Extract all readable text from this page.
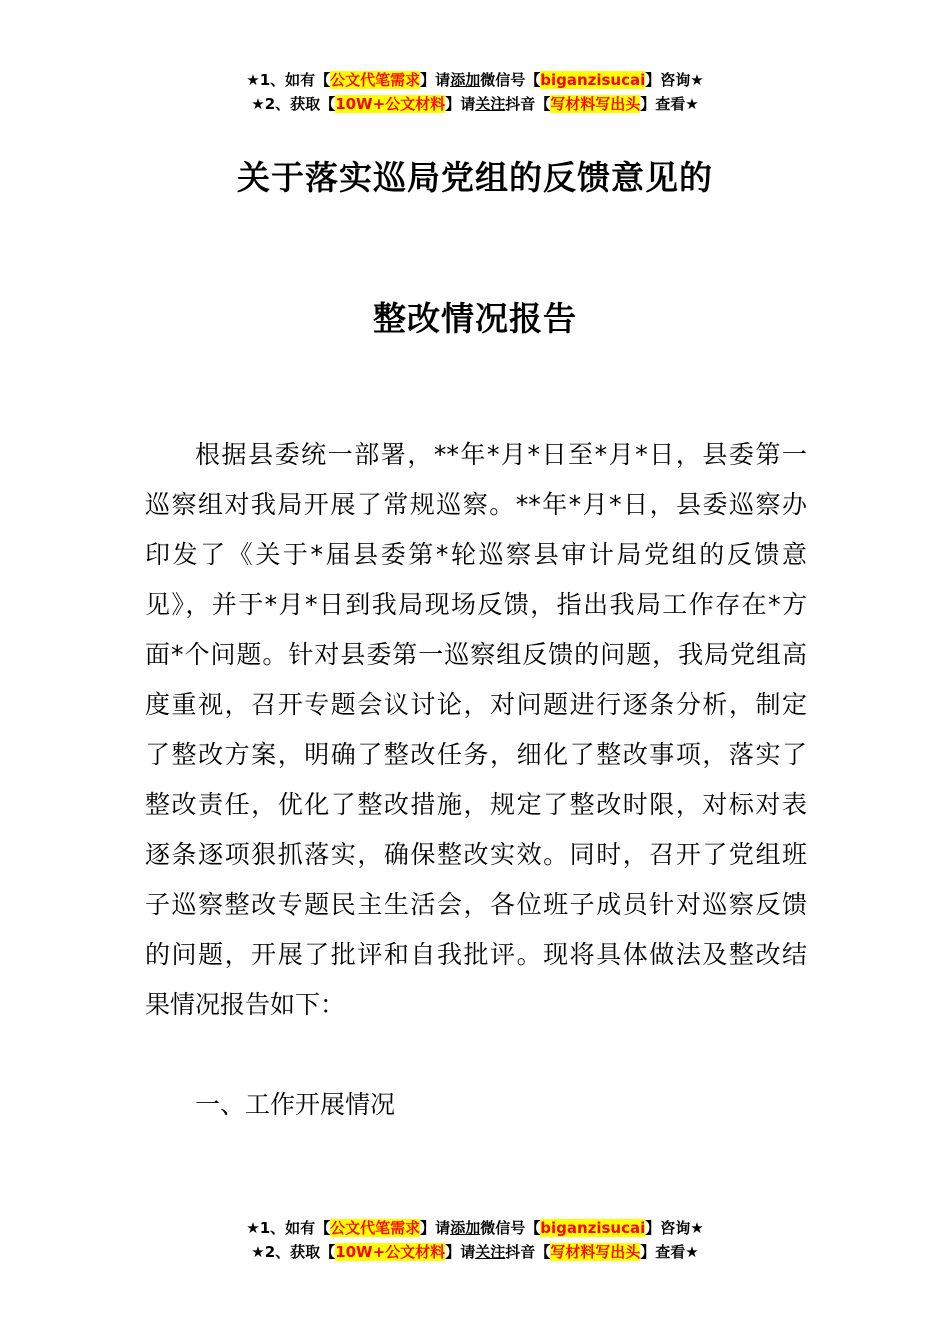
★1、如有【公文代笔需求】请添加微信号【biganzisucai】咨询★
★2、获取【10W+公文材料】请关注抖音【写材料写出头】查看★
关于落实巡局党组的反馈意见的
整改情况报告
根据县委统一部署，**年*月*日至*月*日，县委第一
巡察组对我局开展了常规巡察。**年*月*日，县委巡察办
印发了《关于*届县委第*轮巡察县审计局党组的反馈意
见》，并于*月*日到我局现场反馈，指出我局工作存在*方
面*个问题。针对县委第一巡察组反馈的问题，我局党组高
度重视，召开专题会议讨论，对问题进行逐条分析，制定
了整改方案，明确了整改任务，细化了整改事项，落实了
整改责任，优化了整改措施，规定了整改时限，对标对表
逐条逐项狠抓落实，确保整改实效。同时，召开了党组班
子巡察整改专题民主生活会，各位班子成员针对巡察反馈
的问题，开展了批评和自我批评。现将具体做法及整改结
果情况报告如下：
一、工作开展情况
★1、如有【公文代笔需求】请添加微信号【biganzisucai】咨询★
★2、获取【10W+公文材料】请关注抖音【写材料写出头】查看★
